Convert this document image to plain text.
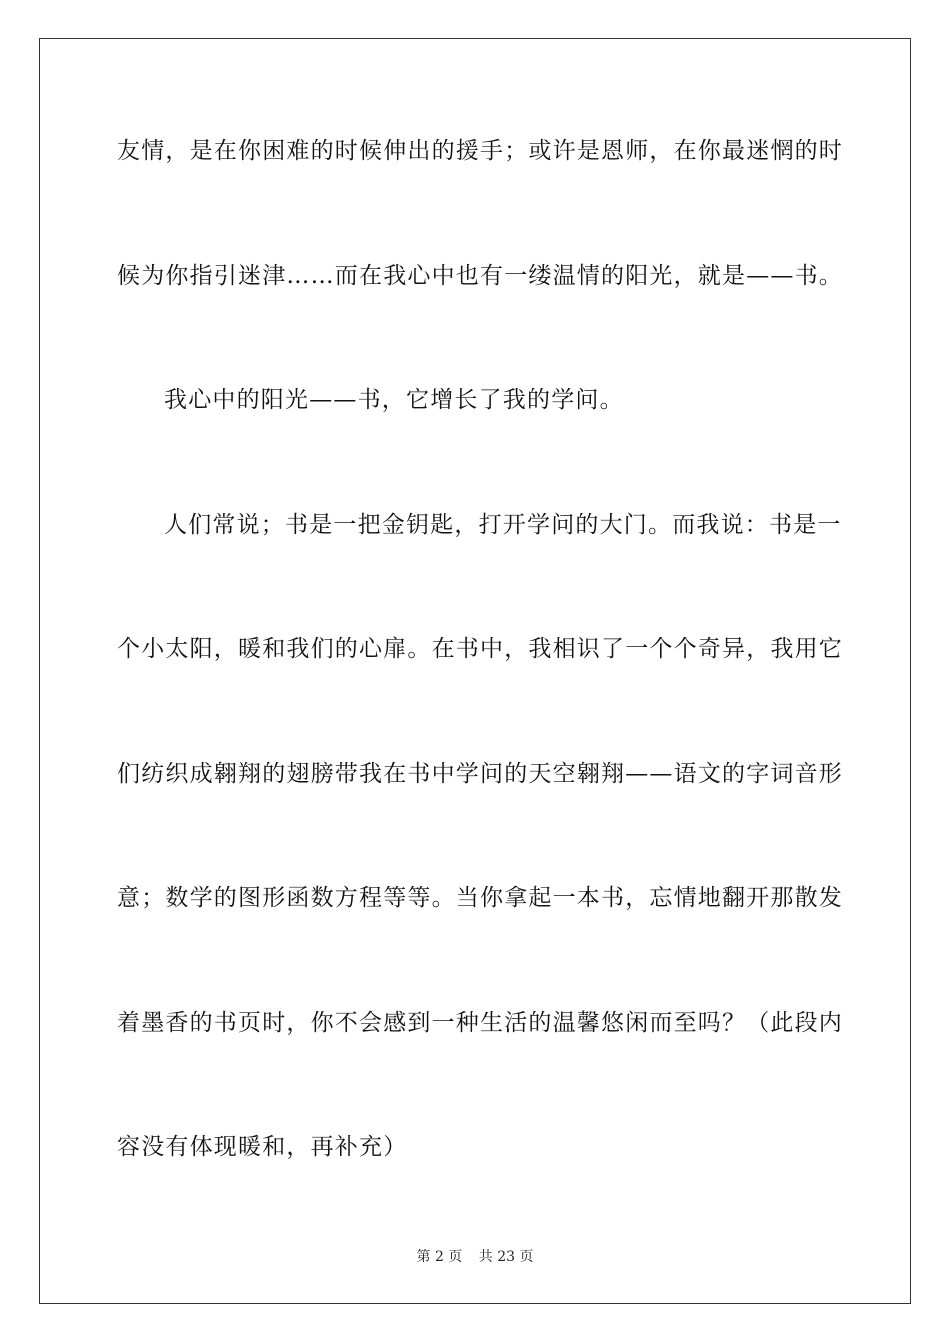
友情，是在你困难的时候伸出的援手；或许是恩师，在你最迷惘的时
候为你指引迷津……而在我心中也有一缕温情的阳光，就是——书。
我心中的阳光——书，它增长了我的学问。
人们常说；书是一把金钥匙，打开学问的大门。而我说：书是一
个小太阳，暖和我们的心扉。在书中，我相识了一个个奇异，我用它
们纺织成翱翔的翅膀带我在书中学问的天空翱翔——语文的字词音形
意；数学的图形函数方程等等。当你拿起一本书，忘情地翻开那散发
着墨香的书页时，你不会感到一种生活的温馨悠闲而至吗？（此段内
容没有体现暖和，再补充）
第 2 页 共 23 页
